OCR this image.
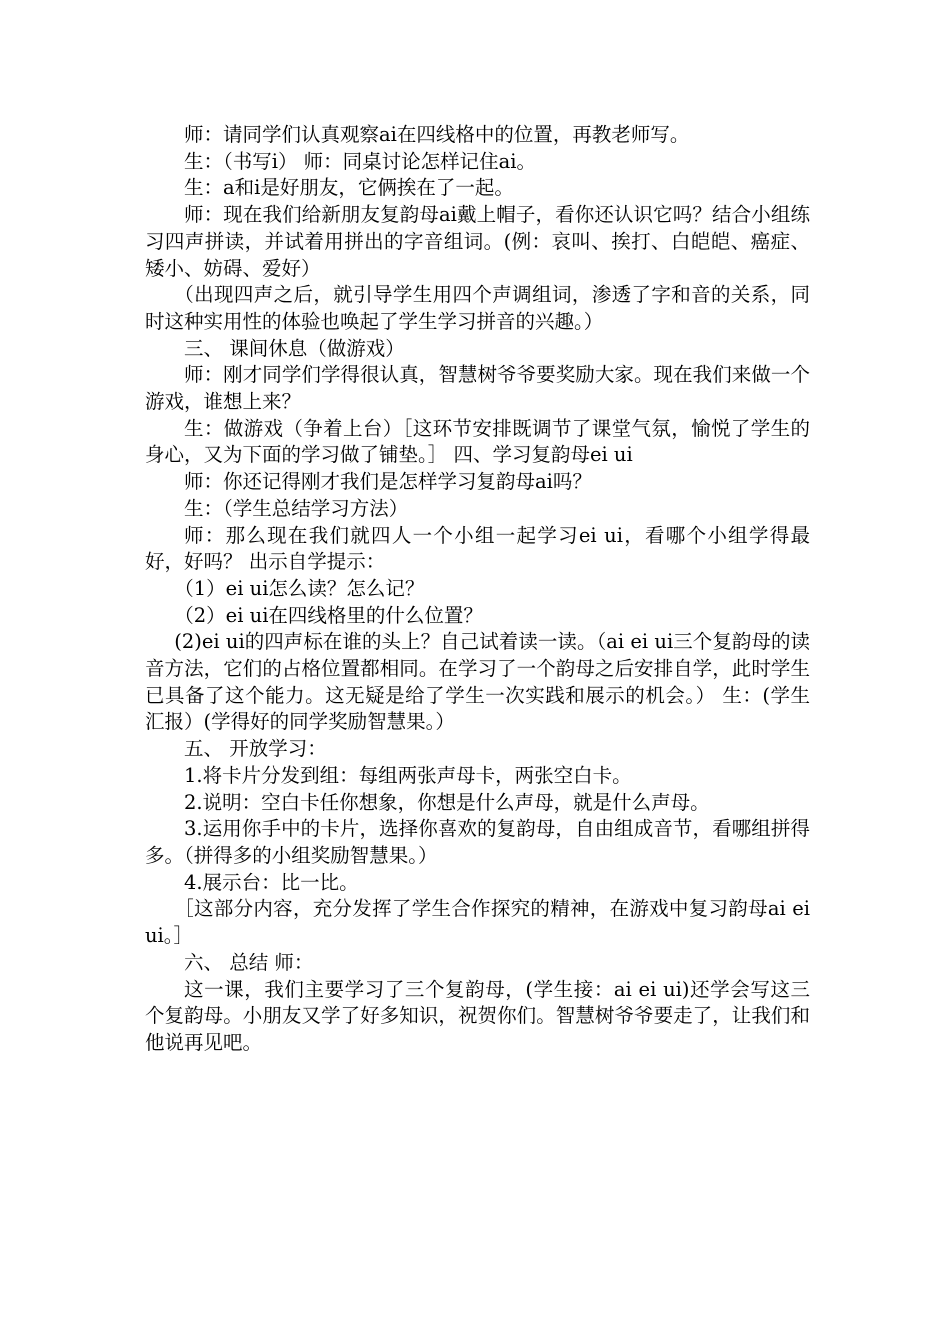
师：请同学们认真观察ai在四线格中的位置，再教老师写。

生：（书写i） 师：同桌讨论怎样记住ai。

生：a和i是好朋友，它俩挨在了一起。

师：现在我们给新朋友复韵母ai戴上帽子，看你还认识它吗？结合小组练习四声拼读，并试着用拼出的字音组词。(例：哀叫、挨打、白皑皑、癌症、矮小、妨碍、爱好）

（出现四声之后，就引导学生用四个声调组词，渗透了字和音的关系，同时这种实用性的体验也唤起了学生学习拼音的兴趣。）

三、 课间休息（做游戏）

师：刚才同学们学得很认真，智慧树爷爷要奖励大家。现在我们来做一个游戏，谁想上来？

生：做游戏（争着上台）［这环节安排既调节了课堂气氛，愉悦了学生的身心，又为下面的学习做了铺垫。］ 四、学习复韵母ei ui

师：你还记得刚才我们是怎样学习复韵母ai吗？

生：（学生总结学习方法）

师：那么现在我们就四人一个小组一起学习ei ui，看哪个小组学得最好，好吗？ 出示自学提示：

（1）ei ui怎么读？怎么记？

（2）ei ui在四线格里的什么位置？

(2)ei ui的四声标在谁的头上？自己试着读一读。（ai ei ui三个复韵母的读音方法，它们的占格位置都相同。在学习了一个韵母之后安排自学，此时学生已具备了这个能力。这无疑是给了学生一次实践和展示的机会。） 生：(学生汇报）(学得好的同学奖励智慧果。）

五、 开放学习：

1.将卡片分发到组：每组两张声母卡，两张空白卡。

2.说明：空白卡任你想象，你想是什么声母，就是什么声母。

3.运用你手中的卡片，选择你喜欢的复韵母，自由组成音节，看哪组拼得多。（拼得多的小组奖励智慧果。）

4.展示台：比一比。

［这部分内容，充分发挥了学生合作探究的精神，在游戏中复习韵母ai ei ui。］

六、 总结 师：

这一课，我们主要学习了三个复韵母，(学生接：ai ei ui)还学会写这三个复韵母。小朋友又学了好多知识，祝贺你们。智慧树爷爷要走了，让我们和他说再见吧。
